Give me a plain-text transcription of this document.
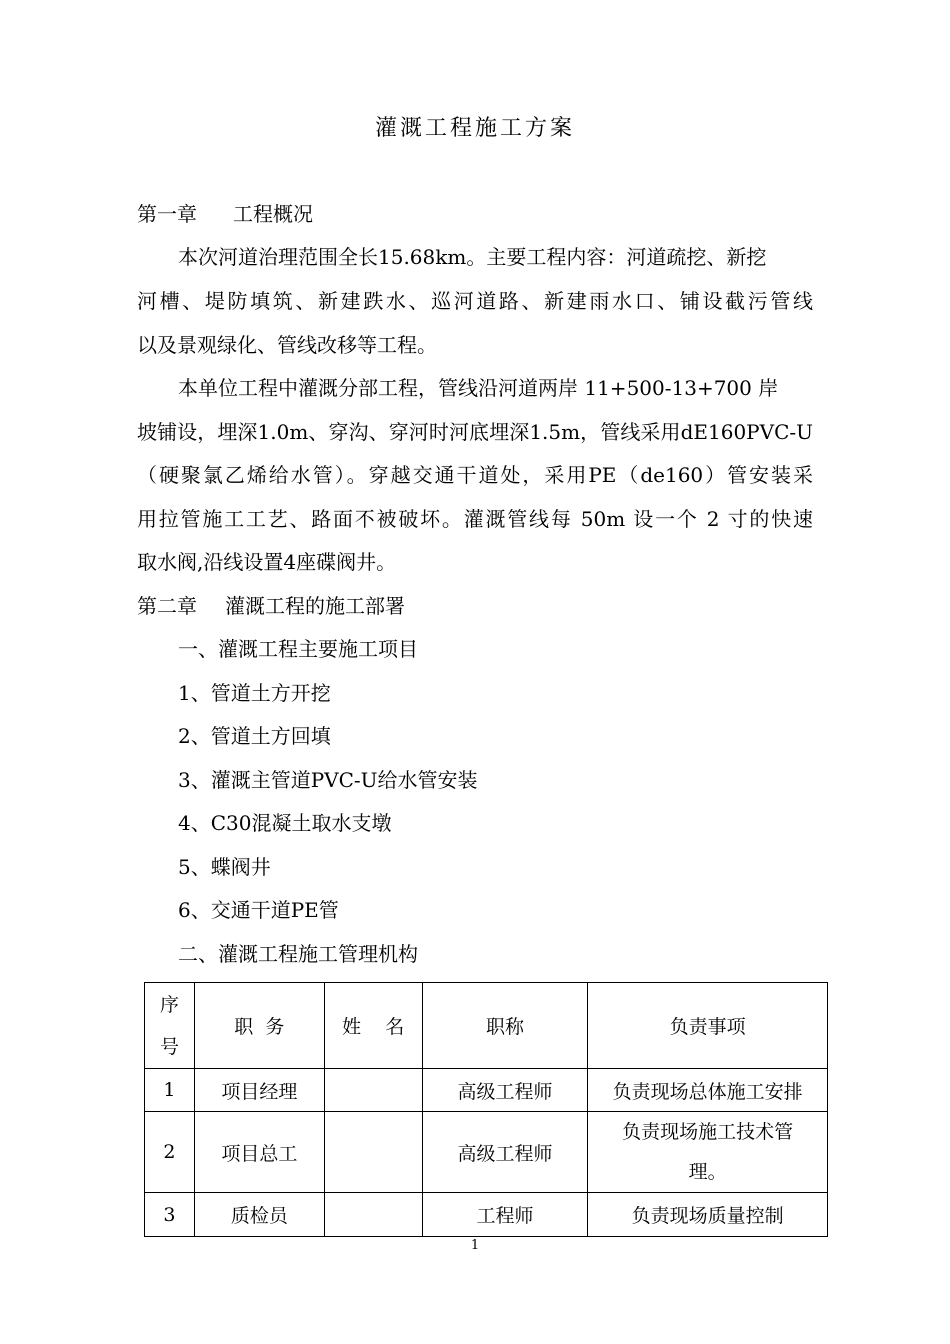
灌溉工程施工方案
第一章 工程概况
本次河道治理范围全长15.68km。主要工程内容：河道疏挖、新挖
河槽、堤防填筑、新建跌水、巡河道路、新建雨水口、铺设截污管线
以及景观绿化、管线改移等工程。
本单位工程中灌溉分部工程，管线沿河道两岸 11+500-13+700 岸
坡铺设，埋深1.0m、穿沟、穿河时河底埋深1.5m，管线采用dE160PVC-U
（硬聚氯乙烯给水管）。穿越交通干道处，采用PE（de160）管安装采
用拉管施工工艺、路面不被破坏。灌溉管线每 50m 设一个 2 寸的快速
取水阀,沿线设置4座碟阀井。
第二章 灌溉工程的施工部署
一、灌溉工程主要施工项目
1、管道土方开挖
2、管道土方回填
3、灌溉主管道PVC-U给水管安装
4、C30混凝土取水支墩
5、蝶阀井
6、交通干道PE管
二、灌溉工程施工管理机构
序
号	职  务	姓    名	职称	负责事项
1	项目经理		高级工程师	负责现场总体施工安排
2	项目总工		高级工程师	负责现场施工技术管理。
3	质检员		工程师	负责现场质量控制
1
